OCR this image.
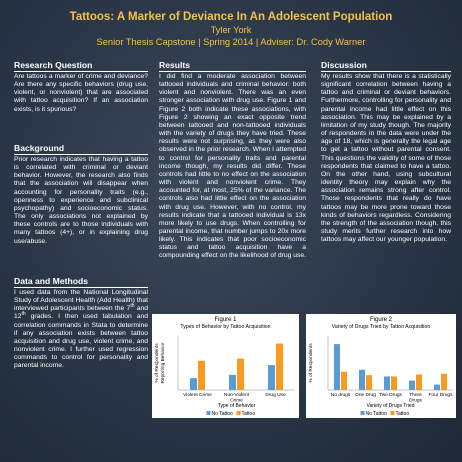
Tattoos: A Marker of Deviance In An Adolescent Population
Tyler York
Senior Thesis Capstone | Spring 2014 | Adviser: Dr. Cody Warner
Research Question

Are tattoos a marker of crime and deviance? Are there any specific behaviors (drug use, violent, or nonviolent) that are associated with tattoo acquisition? If an association exists, is it spurious?

Background

Prior research indicates that having a tattoo is correlated with criminal or deviant behavior. However, the research also finds that the association will disappear when accounting for personality traits (e.g., openness to experience and subclinical psychopathy) and socioeconomic status. The only associations not explained by these controls are to those individuals with many tattoos (4+), or in explaining drug use/abuse.

Data and Methods

I used data from the National Longitudinal Study of Adolescent Health (Add Health) that interviewed participants between the 7th and 12th grades. I then used tabulation and correlation commands in Stata to determine if any association exists between tattoo acquisition and drug use, violent crime, and nonviolent crime. I further used regression commands to control for personality and parental income.

Results

I did find a moderate association between tattooed individuals and criminal behavior: both violent and nonviolent. There was an even stronger association with drug use. Figure 1 and Figure 2 both indicate these associations, with Figure 2 showing an exact opposite trend between tattooed and non-tattooed individuals with the variety of drugs they have tried. These results were not surprising, as they were also observed in the prior research. When I attempted to control for personality traits and parental income though, my results did differ. These controls had little to no effect on the association with violent and nonviolent crime. They accounted for, at most, 25% of the variance. The controls also had little effect on the association with drug use. However, with no control, my results indicate that a tattooed individual is 13x more likely to use drugs. When controlling for parental income, that number jumps to 20x more likely. This indicates that poor socioeconomic status and tattoo acquisition have a compounding effect on the likelihood of drug use.

Discussion

My results show that there is a statistically significant correlation between having a tattoo and criminal or deviant behaviors. Furthermore, controlling for personality and parental income had little effect on this association. This may be explained by a limitation of my study though. The majority of respondents in the data were under the age of 18, which is generally the legal age to get a tattoo without parental consent. This questions the validity of some of those respondents that claimed to have a tattoo. On the other hand, using subcultural identity theory may explain why the association remains strong after control. Those respondents that really do have tattoos may be more prone toward those kinds of behaviors regardless. Considering the strength of the association though, this study merits further research into how tattoos may affect our younger population.

Figure 1
Types of Behavior by Tattoo Acquisition
% of Respondents Reporting Behavior
Violent Crime	Non-Violent
Crime
Drug Use
Type of Behavior
No Tattoo Tattoo
Figure 2
Variety of Drugs Tried by Tattoo Acquisition
% of Respondents
No drugs One Drug Two Drugs Three
Drugs
Four Drugs
Variety of Drugs Tried
No Tattoo Tattoo
